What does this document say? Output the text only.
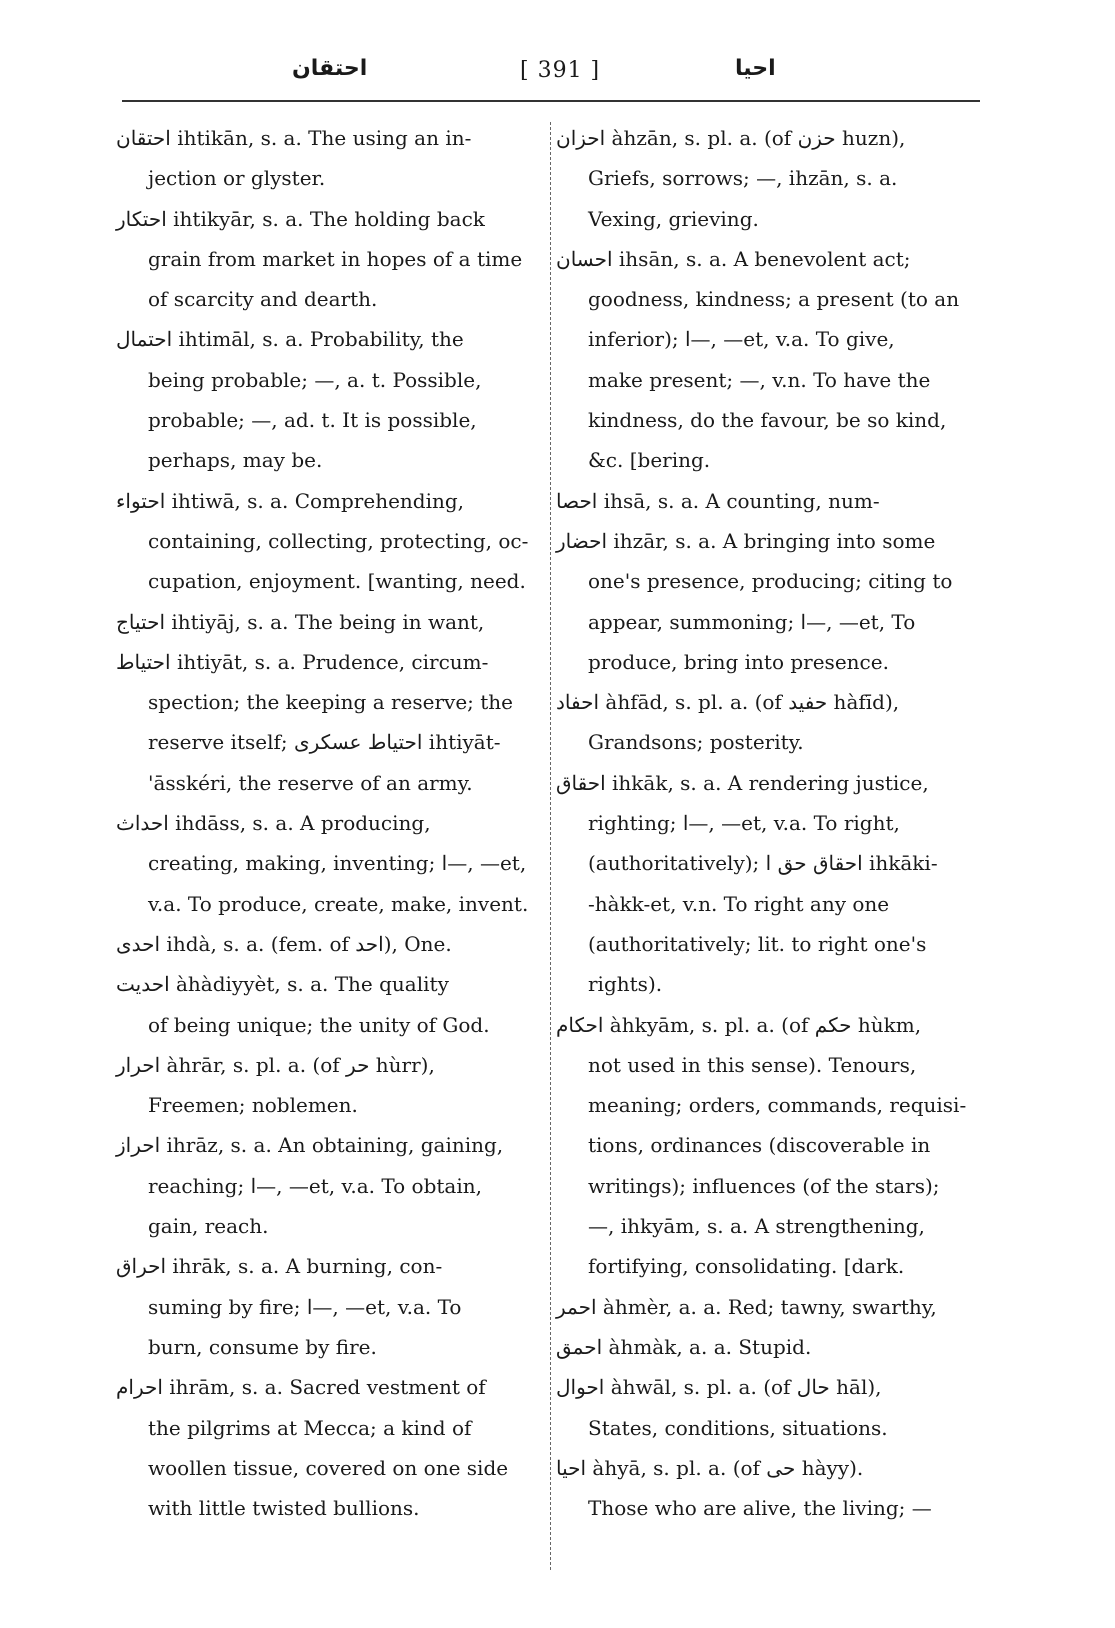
احتقان	[ 391 ]	احيا
احتقان ihtikān, s. a. The using an in-
jection or glyster.
احتکار ihtikyār, s. a. The holding back
grain from market in hopes of a time
of scarcity and dearth.
احتمال ihtimāl, s. a. Probability, the
being probable; —, a. t. Possible,
probable; —, ad. t. It is possible,
perhaps, may be.
احتواء ihtiwā, s. a. Comprehending,
containing, collecting, protecting, oc-
cupation, enjoyment. [wanting, need.
احتیاج ihtiyāj, s. a. The being in want,
احتیاط ihtiyāt, s. a. Prudence, circum-
spection; the keeping a reserve; the
reserve itself; احتیاط عسکری ihtiyāt-
'āsskéri, the reserve of an army.
احداث ihdāss, s. a. A producing,
creating, making, inventing; ا—, —et,
v.a. To produce, create, make, invent.
احدی ihdà, s. a. (fem. of احد), One.
احدیت àhàdiyyèt, s. a. The quality
of being unique; the unity of God.
احرار àhrār, s. pl. a. (of حر hùrr),
Freemen; noblemen.
احراز ihrāz, s. a. An obtaining, gaining,
reaching; ا—, —et, v.a. To obtain,
gain, reach.
احراق ihrāk, s. a. A burning, con-
suming by fire; ا—, —et, v.a. To
burn, consume by fire.
احرام ihrām, s. a. Sacred vestment of
the pilgrims at Mecca; a kind of
woollen tissue, covered on one side
with little twisted bullions.
احزان àhzān, s. pl. a. (of حزن huzn),
Griefs, sorrows; —, ihzān, s. a.
Vexing, grieving.
احسان ihsān, s. a. A benevolent act;
goodness, kindness; a present (to an
inferior); ا—, —et, v.a. To give,
make present; —, v.n. To have the
kindness, do the favour, be so kind,
&c. [bering.
احصا ihsā, s. a. A counting, num-
احضار ihzār, s. a. A bringing into some
one's presence, producing; citing to
appear, summoning; ا—, —et, To
produce, bring into presence.
احفاد àhfād, s. pl. a. (of حفید hàfīd),
Grandsons; posterity.
احقاق ihkāk, s. a. A rendering justice,
righting; ا—, —et, v.a. To right,
(authoritatively); احقاق حق ا ihkāki-
-hàkk-et, v.n. To right any one
(authoritatively; lit. to right one's
rights).
احکام àhkyām, s. pl. a. (of حکم hùkm,
not used in this sense). Tenours,
meaning; orders, commands, requisi-
tions, ordinances (discoverable in
writings); influences (of the stars);
—, ihkyām, s. a. A strengthening,
fortifying, consolidating. [dark.
احمر àhmèr, a. a. Red; tawny, swarthy,
احمق àhmàk, a. a. Stupid.
احوال àhwāl, s. pl. a. (of حال hāl),
States, conditions, situations.
احیا àhyā, s. pl. a. (of حی hàyy).
Those who are alive, the living; —
